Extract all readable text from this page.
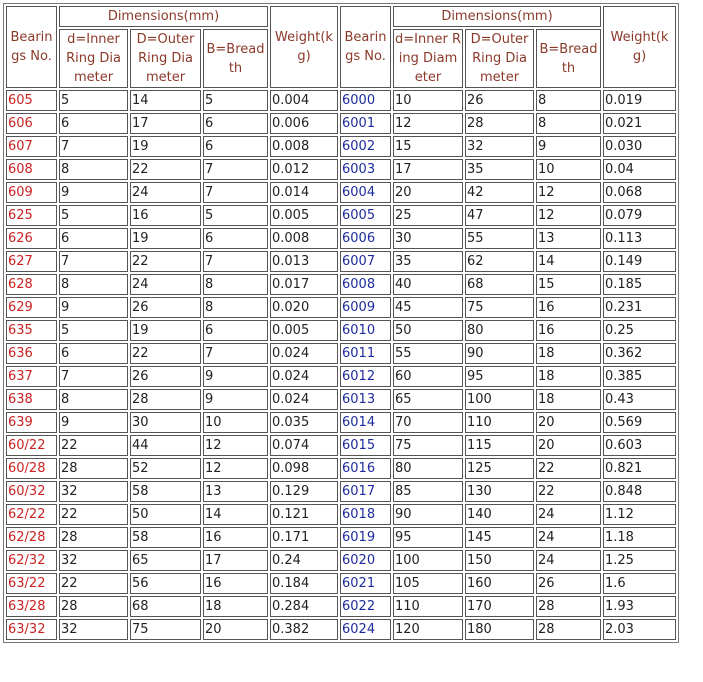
Bearings No.	Dimensions(mm)			Weight(kg)	Bearings No.	Dimensions(mm)			Weight(kg)
	d=Inner Ring Diameter	D=Outer Ring Diameter	B=Breadth			d=Inner Ring Diameter	D=Outer Ring Diameter	B=Breadth	
605	5	14	5	0.004	6000	10	26	8	0.019
606	6	17	6	0.006	6001	12	28	8	0.021
607	7	19	6	0.008	6002	15	32	9	0.030
608	8	22	7	0.012	6003	17	35	10	0.04
609	9	24	7	0.014	6004	20	42	12	0.068
625	5	16	5	0.005	6005	25	47	12	0.079
626	6	19	6	0.008	6006	30	55	13	0.113
627	7	22	7	0.013	6007	35	62	14	0.149
628	8	24	8	0.017	6008	40	68	15	0.185
629	9	26	8	0.020	6009	45	75	16	0.231
635	5	19	6	0.005	6010	50	80	16	0.25
636	6	22	7	0.024	6011	55	90	18	0.362
637	7	26	9	0.024	6012	60	95	18	0.385
638	8	28	9	0.024	6013	65	100	18	0.43
639	9	30	10	0.035	6014	70	110	20	0.569
60/22	22	44	12	0.074	6015	75	115	20	0.603
60/28	28	52	12	0.098	6016	80	125	22	0.821
60/32	32	58	13	0.129	6017	85	130	22	0.848
62/22	22	50	14	0.121	6018	90	140	24	1.12
62/28	28	58	16	0.171	6019	95	145	24	1.18
62/32	32	65	17	0.24	6020	100	150	24	1.25
63/22	22	56	16	0.184	6021	105	160	26	1.6
63/28	28	68	18	0.284	6022	110	170	28	1.93
63/32	32	75	20	0.382	6024	120	180	28	2.03
